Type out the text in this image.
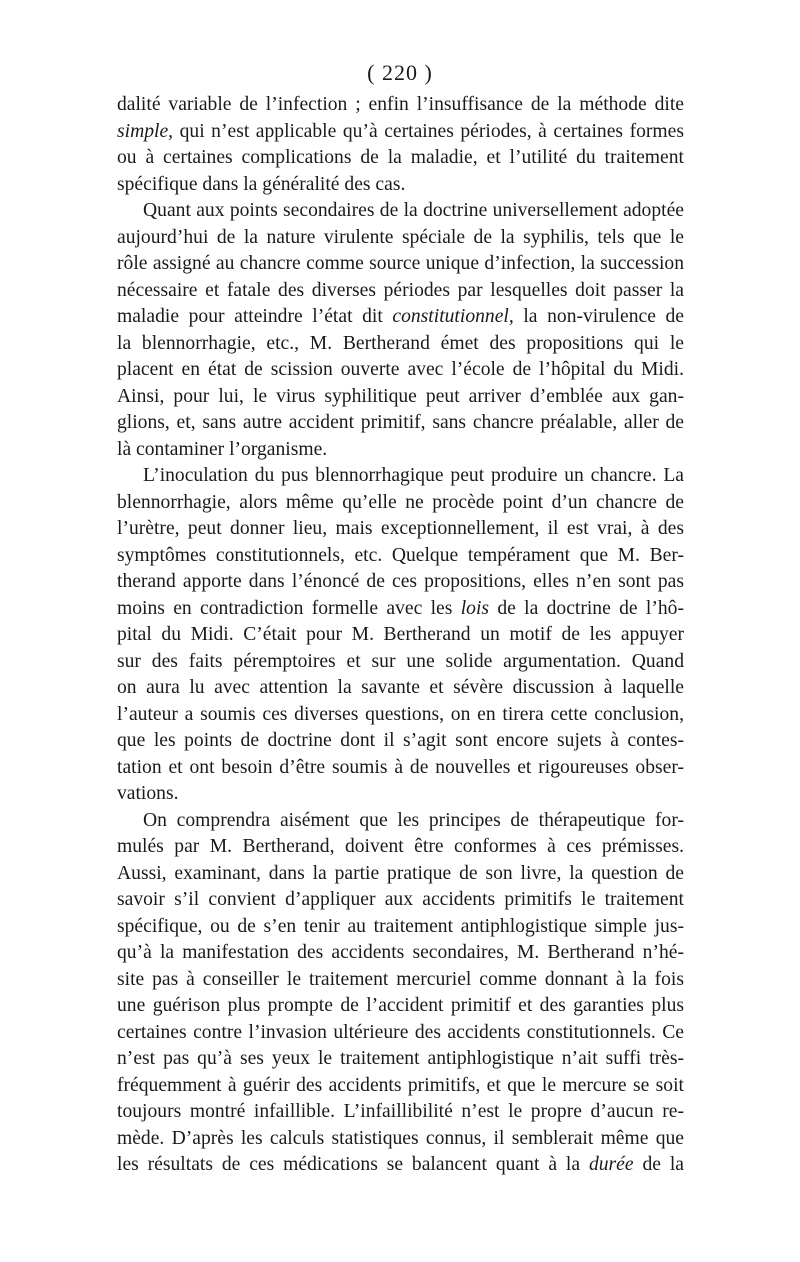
( 220 )
dalité variable de l’infection ; enfin l’insuffisance de la méthode dite
simple, qui n’est applicable qu’à certaines périodes, à certaines formes
ou à certaines complications de la maladie, et l’utilité du traitement
spécifique dans la généralité des cas.
Quant aux points secondaires de la doctrine universellement adoptée
aujourd’hui de la nature virulente spéciale de la syphilis, tels que le
rôle assigné au chancre comme source unique d’infection, la succession
nécessaire et fatale des diverses périodes par lesquelles doit passer la
maladie pour atteindre l’état dit constitutionnel, la non-virulence de
la blennorrhagie, etc., M. Bertherand émet des propositions qui le
placent en état de scission ouverte avec l’école de l’hôpital du Midi.
Ainsi, pour lui, le virus syphilitique peut arriver d’emblée aux gan-
glions, et, sans autre accident primitif, sans chancre préalable, aller de
là contaminer l’organisme.
L’inoculation du pus blennorrhagique peut produire un chancre. La
blennorrhagie, alors même qu’elle ne procède point d’un chancre de
l’urètre, peut donner lieu, mais exceptionnellement, il est vrai, à des
symptômes constitutionnels, etc. Quelque tempérament que M. Ber-
therand apporte dans l’énoncé de ces propositions, elles n’en sont pas
moins en contradiction formelle avec les lois de la doctrine de l’hô-
pital du Midi. C’était pour M. Bertherand un motif de les appuyer
sur des faits péremptoires et sur une solide argumentation. Quand
on aura lu avec attention la savante et sévère discussion à laquelle
l’auteur a soumis ces diverses questions, on en tirera cette conclusion,
que les points de doctrine dont il s’agit sont encore sujets à contes-
tation et ont besoin d’être soumis à de nouvelles et rigoureuses obser-
vations.
On comprendra aisément que les principes de thérapeutique for-
mulés par M. Bertherand, doivent être conformes à ces prémisses.
Aussi, examinant, dans la partie pratique de son livre, la question de
savoir s’il convient d’appliquer aux accidents primitifs le traitement
spécifique, ou de s’en tenir au traitement antiphlogistique simple jus-
qu’à la manifestation des accidents secondaires, M. Bertherand n’hé-
site pas à conseiller le traitement mercuriel comme donnant à la fois
une guérison plus prompte de l’accident primitif et des garanties plus
certaines contre l’invasion ultérieure des accidents constitutionnels. Ce
n’est pas qu’à ses yeux le traitement antiphlogistique n’ait suffi très-
fréquemment à guérir des accidents primitifs, et que le mercure se soit
toujours montré infaillible. L’infaillibilité n’est le propre d’aucun re-
mède. D’après les calculs statistiques connus, il semblerait même que
les résultats de ces médications se balancent quant à la durée de la
